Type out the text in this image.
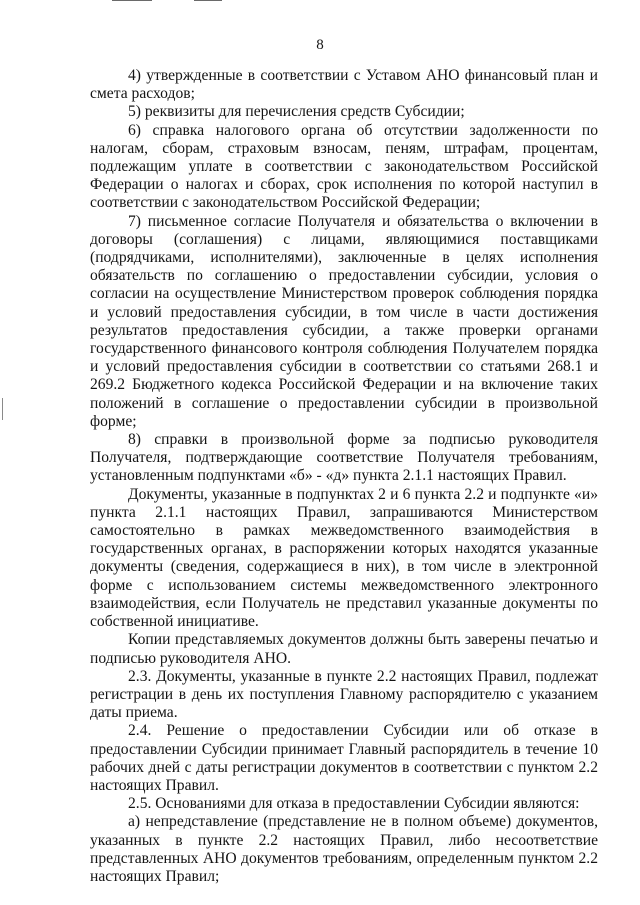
8

4) утвержденные в соответствии с Уставом АНО финансовый план и смета расходов;

5) реквизиты для перечисления средств Субсидии;

6) справка налогового органа об отсутствии задолженности по налогам, сборам, страховым взносам, пеням, штрафам, процентам, подлежащим уплате в соответствии с законодательством Российской Федерации о налогах и сборах, срок исполнения по которой наступил в соответствии с законодательством Российской Федерации;

7) письменное согласие Получателя и обязательства о включении в договоры (соглашения) с лицами, являющимися поставщиками (подрядчиками, исполнителями), заключенные в целях исполнения обязательств по соглашению о предоставлении субсидии, условия о согласии на осуществление Министерством проверок соблюдения порядка и условий предоставления субсидии, в том числе в части достижения результатов предоставления субсидии, а также проверки органами государственного финансового контроля соблюдения Получателем порядка и условий предоставления субсидии в соответствии со статьями 268.1 и 269.2 Бюджетного кодекса Российской Федерации и на включение таких положений в соглашение о предоставлении субсидии в произвольной форме;

8) справки в произвольной форме за подписью руководителя Получателя, подтверждающие соответствие Получателя требованиям, установленным подпунктами «б» - «д» пункта 2.1.1 настоящих Правил.

Документы, указанные в подпунктах 2 и 6 пункта 2.2 и подпункте «и» пункта 2.1.1 настоящих Правил, запрашиваются Министерством самостоятельно в рамках межведомственного взаимодействия в государственных органах, в распоряжении которых находятся указанные документы (сведения, содержащиеся в них), в том числе в электронной форме с использованием системы межведомственного электронного взаимодействия, если Получатель не представил указанные документы по собственной инициативе.

Копии представляемых документов должны быть заверены печатью и подписью руководителя АНО.

2.3. Документы, указанные в пункте 2.2 настоящих Правил, подлежат регистрации в день их поступления Главному распорядителю с указанием даты приема.

2.4. Решение о предоставлении Субсидии или об отказе в предоставлении Субсидии принимает Главный распорядитель в течение 10 рабочих дней с даты регистрации документов в соответствии с пунктом 2.2 настоящих Правил.

2.5. Основаниями для отказа в предоставлении Субсидии являются:

а) непредставление (представление не в полном объеме) документов, указанных в пункте 2.2 настоящих Правил, либо несоответствие представленных АНО документов требованиям, определенным пунктом 2.2 настоящих Правил;
